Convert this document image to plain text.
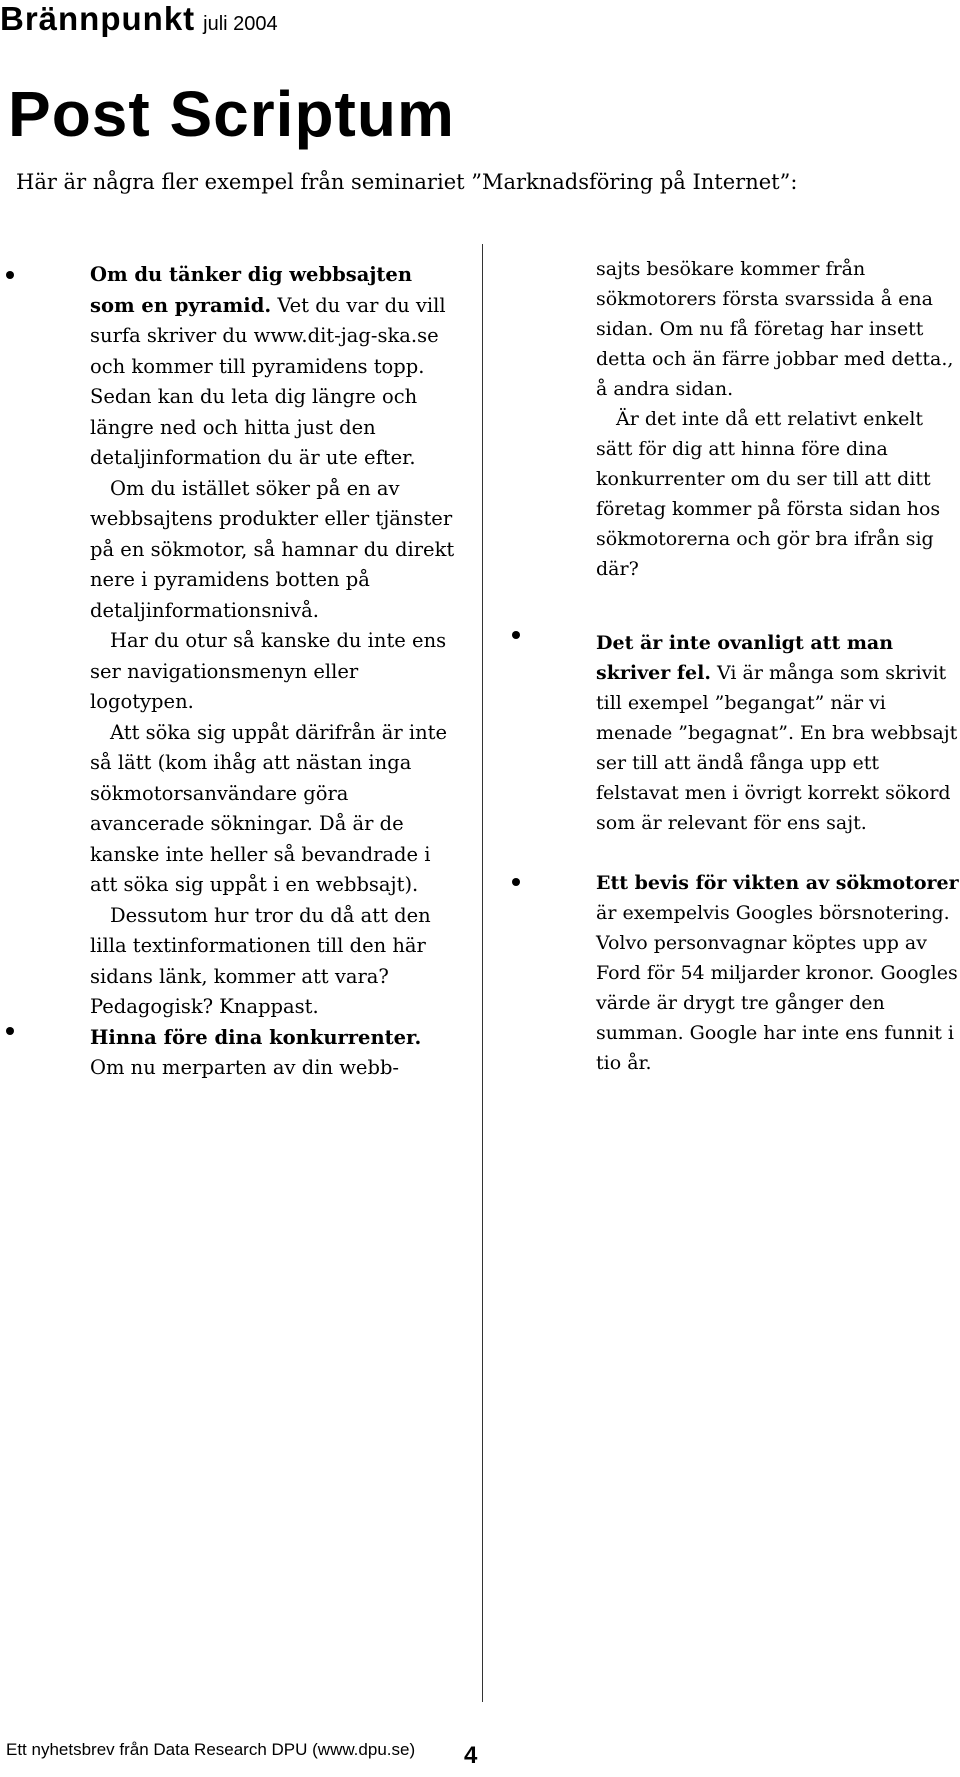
Brännpunkt juli 2004
Post Scriptum

Här är några fler exempel från seminariet ”Marknadsföring på Internet”:

Om du tänker dig webbsajten som en pyramid. Vet du var du vill surfa skriver du www.dit-jag-ska.se och kommer till pyramidens topp. Sedan kan du leta dig längre och längre ned och hitta just den detaljinformation du är ute efter.

Om du istället söker på en av webbsajtens produkter eller tjänster på en sökmotor, så hamnar du direkt nere i pyramidens botten på detaljinformationsnivå.

Har du otur så kanske du inte ens ser navigationsmenyn eller logotypen.

Att söka sig uppåt därifrån är inte så lätt (kom ihåg att nästan inga sökmotorsanvändare göra avancerade sökningar. Då är de kanske inte heller så bevandrade i att söka sig uppåt i en webbsajt).

Dessutom hur tror du då att den lilla textinformationen till den här sidans länk, kommer att vara? Pedagogisk? Knappast.

Hinna före dina konkurrenter.

Om nu merparten av din webb-

sajts besökare kommer från sökmotorers första svarssida å ena sidan. Om nu få företag har insett detta och än färre jobbar med detta., å andra sidan.

Är det inte då ett relativt enkelt sätt för dig att hinna före dina konkurrenter om du ser till att ditt företag kommer på första sidan hos sökmotorerna och gör bra ifrån sig där?

Det är inte ovanligt att man skriver fel. Vi är många som skrivit till exempel ”begangat” när vi menade ”begagnat”. En bra webbsajt ser till att ändå fånga upp ett felstavat men i övrigt korrekt sökord som är relevant för ens sajt.

Ett bevis för vikten av sökmotorer är exempelvis Googles börsnotering. Volvo personvagnar köptes upp av Ford för 54 miljarder kronor. Googles värde är drygt tre gånger den summan. Google har inte ens funnit i tio år.

Ett nyhetsbrev från Data Research DPU (www.dpu.se) 4
